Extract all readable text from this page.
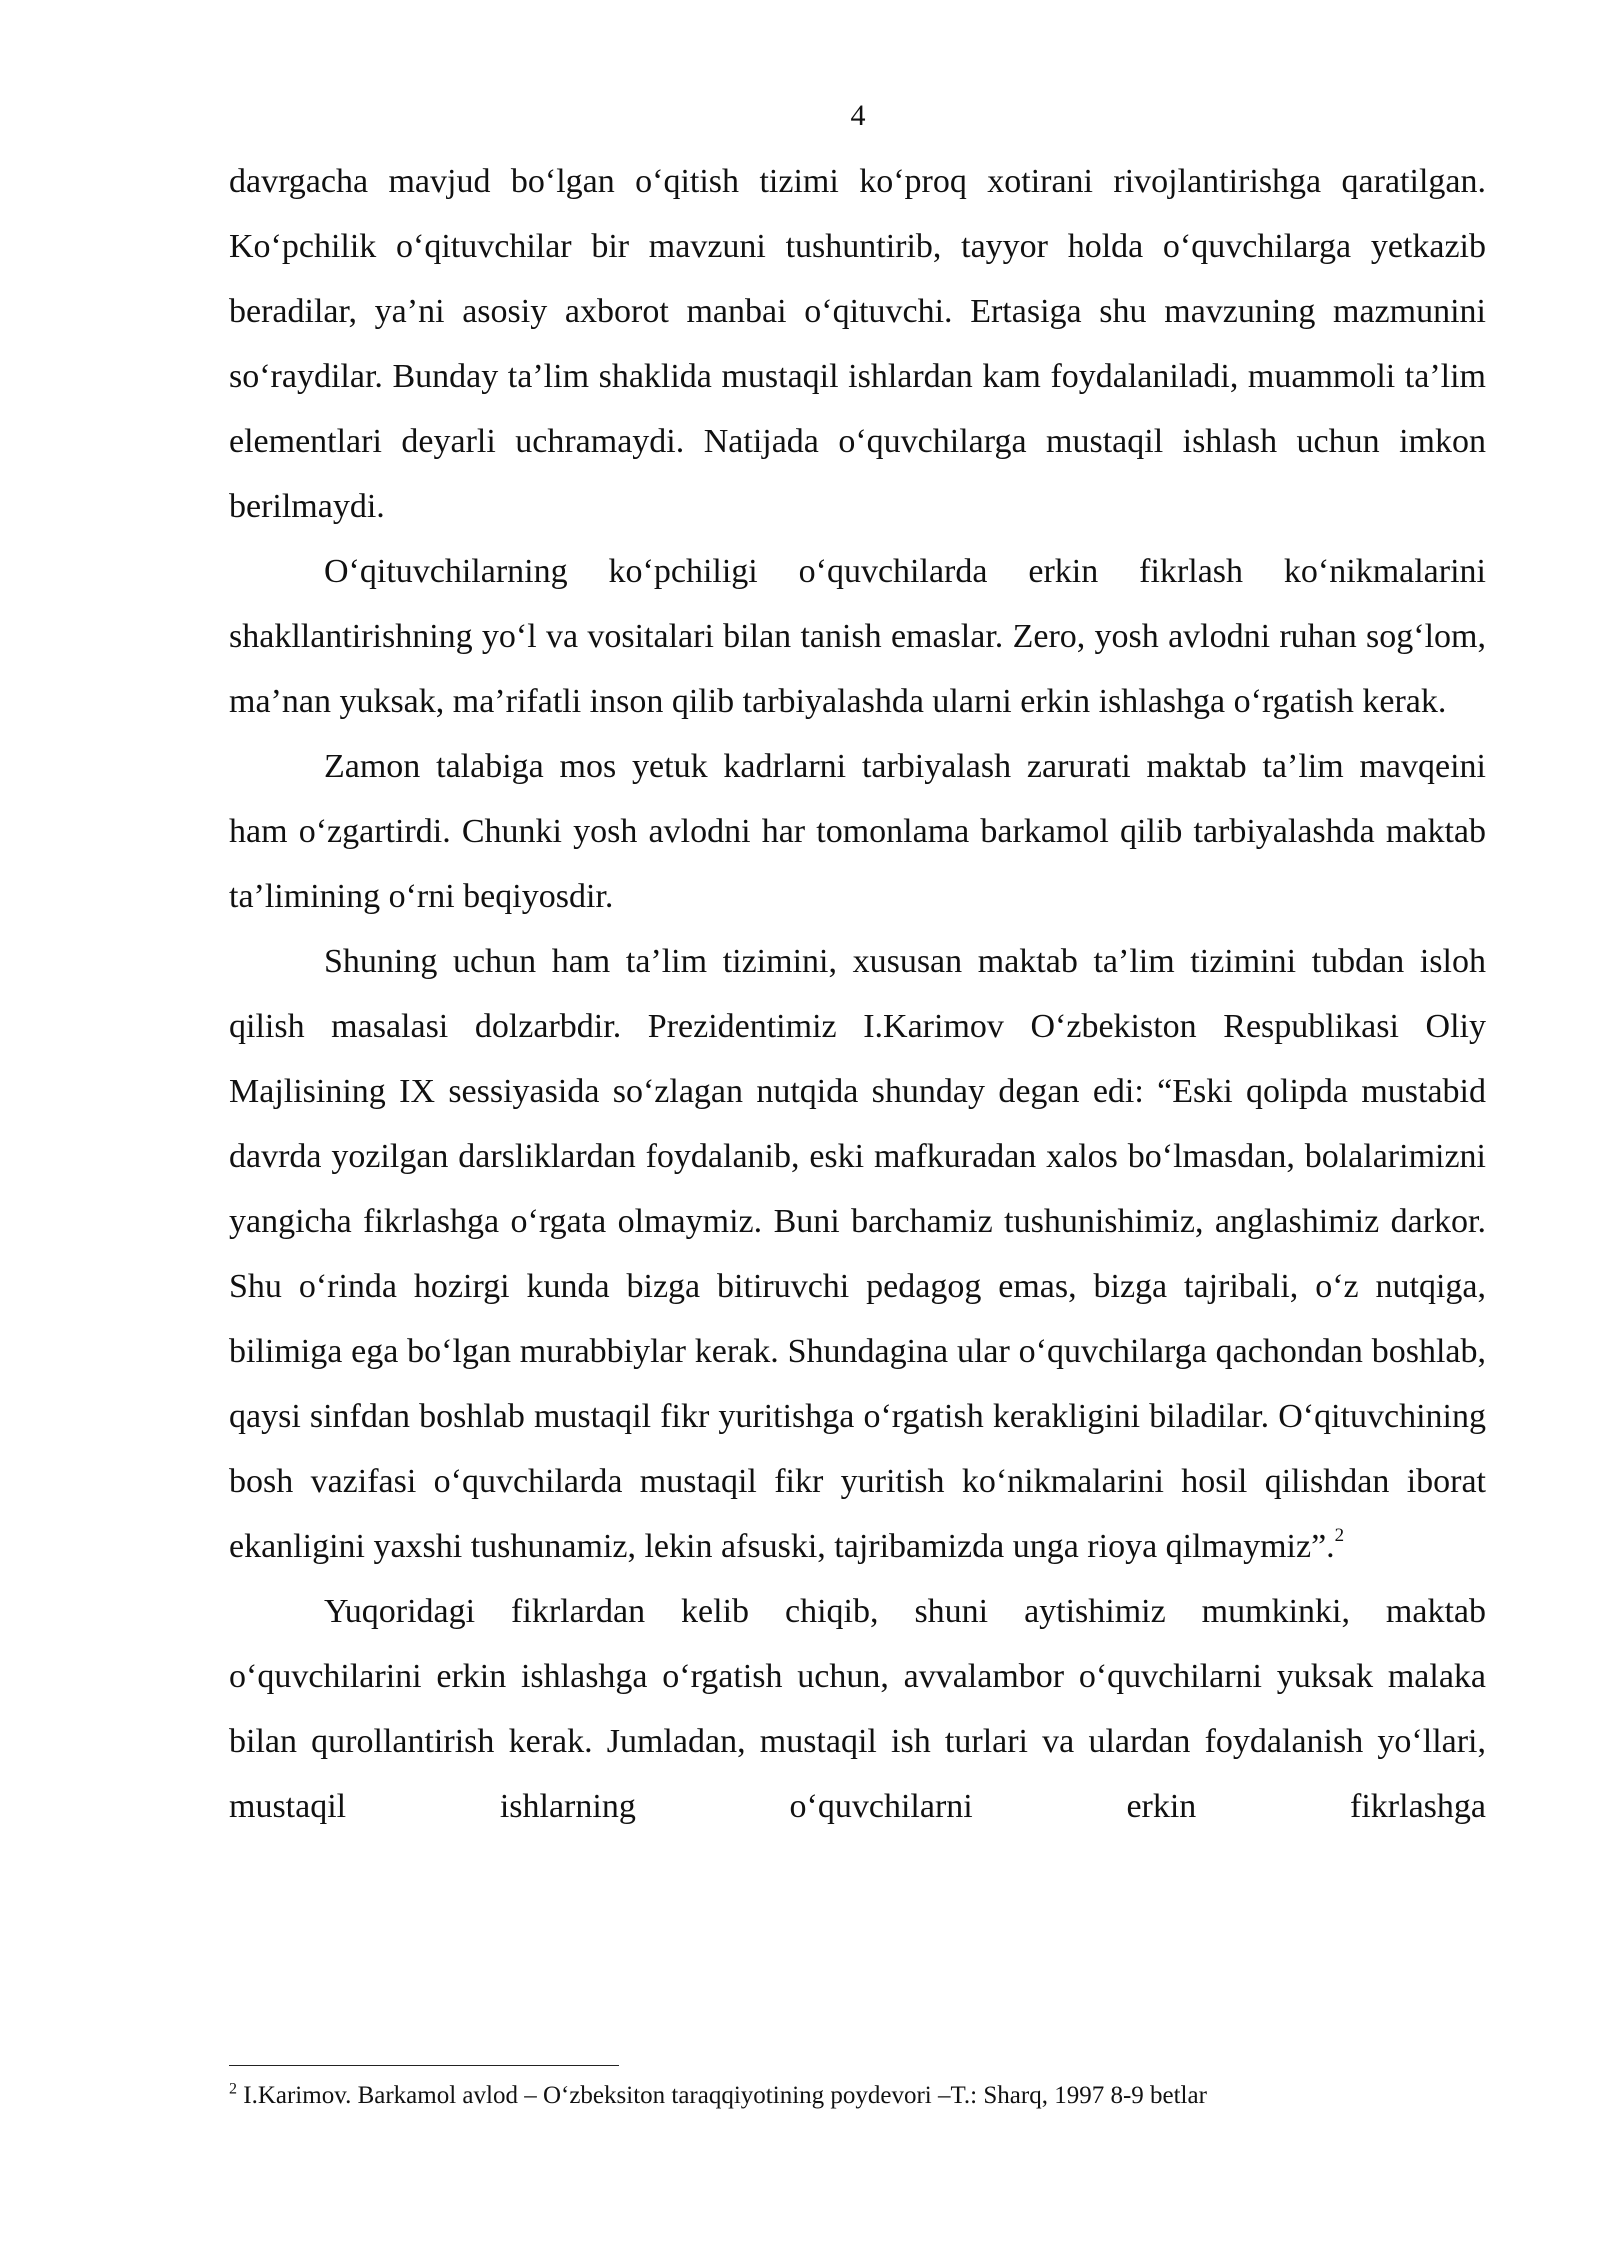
4

davrgacha mavjud bo‘lgan o‘qitish tizimi ko‘proq xotirani rivojlantirishga qaratilgan. Ko‘pchilik o‘qituvchilar bir mavzuni tushuntirib, tayyor holda o‘quvchilarga yetkazib beradilar, ya’ni asosiy axborot manbai o‘qituvchi. Ertasiga shu mavzuning mazmunini so‘raydilar. Bunday ta’lim shaklida mustaqil ishlardan kam foydalaniladi, muammoli ta’lim elementlari deyarli uchramaydi. Natijada o‘quvchilarga mustaqil ishlash uchun imkon berilmaydi.

O‘qituvchilarning ko‘pchiligi o‘quvchilarda erkin fikrlash ko‘nikmalarini shakllantirishning yo‘l va vositalari bilan tanish emaslar. Zero, yosh avlodni ruhan sog‘lom, ma’nan yuksak, ma’rifatli inson qilib tarbiyalashda ularni erkin ishlashga o‘rgatish kerak.

Zamon talabiga mos yetuk kadrlarni tarbiyalash zarurati maktab ta’lim mavqeini ham o‘zgartirdi. Chunki yosh avlodni har tomonlama barkamol qilib tarbiyalashda maktab ta’limining o‘rni beqiyosdir.

Shuning uchun ham ta’lim tizimini, xususan maktab ta’lim tizimini tubdan isloh qilish masalasi dolzarbdir. Prezidentimiz I.Karimov O‘zbekiston Respublikasi Oliy Majlisining IX sessiyasida so‘zlagan nutqida shunday degan edi: “Eski qolipda mustabid davrda yozilgan darsliklardan foydalanib, eski mafkuradan xalos bo‘lmasdan, bolalarimizni yangicha fikrlashga o‘rgata olmaymiz. Buni barchamiz tushunishimiz, anglashimiz darkor. Shu o‘rinda hozirgi kunda bizga bitiruvchi pedagog emas, bizga tajribali, o‘z nutqiga, bilimiga ega bo‘lgan murabbiylar kerak. Shundagina ular o‘quvchilarga qachondan boshlab, qaysi sinfdan boshlab mustaqil fikr yuritishga o‘rgatish kerakligini biladilar. O‘qituvchining bosh vazifasi o‘quvchilarda mustaqil fikr yuritish ko‘nikmalarini hosil qilishdan iborat ekanligini yaxshi tushunamiz, lekin afsuski, tajribamizda unga rioya qilmaymiz”.$^2$

Yuqoridagi fikrlardan kelib chiqib, shuni aytishimiz mumkinki, maktab o‘quvchilarini erkin ishlashga o‘rgatish uchun, avvalambor o‘quvchilarni yuksak malaka bilan qurollantirish kerak. Jumladan, mustaqil ish turlari va ulardan foydalanish yo‘llari, mustaqil ishlarning o‘quvchilarni erkin fikrlashga

$^2$ I.Karimov. Barkamol avlod – O‘zbeksiton taraqqiyotining poydevori –T.: Sharq, 1997 8-9 betlar
